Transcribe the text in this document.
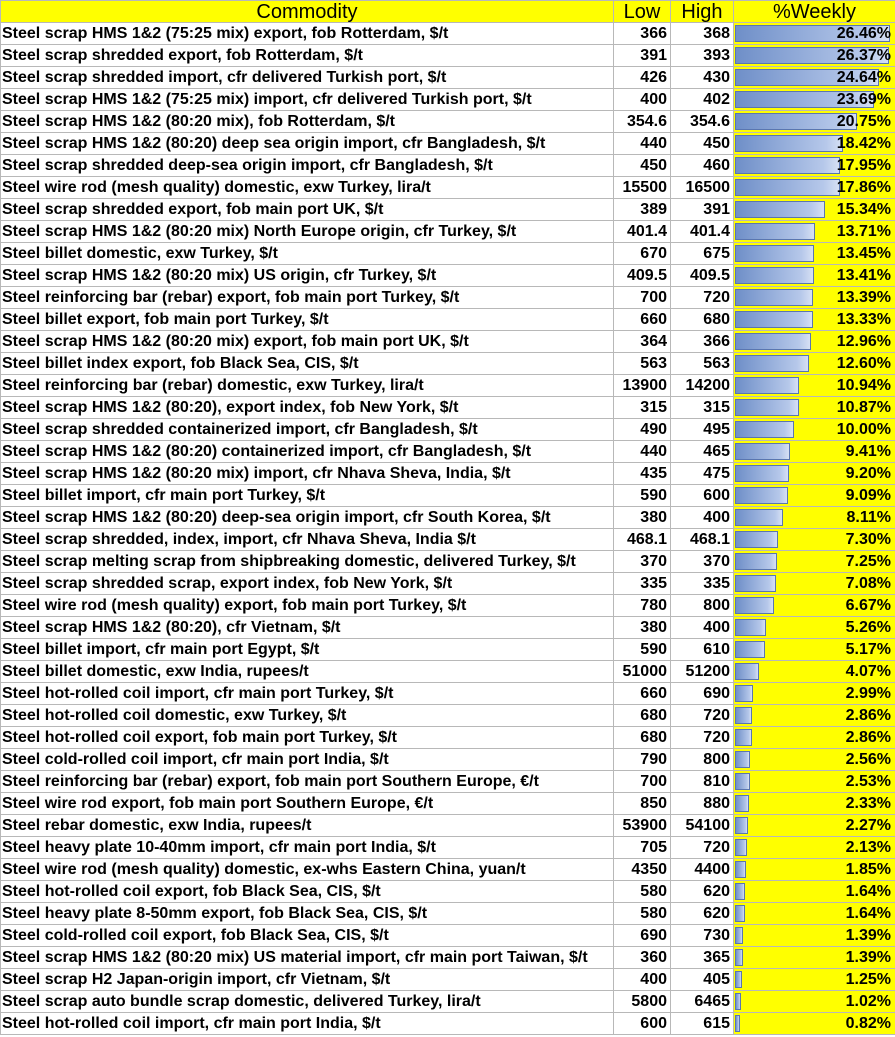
Commodity	Low	High	%Weekly
Steel scrap HMS 1&2 (75:25 mix) export, fob Rotterdam, $/t	366	368	26.46%
Steel scrap shredded export, fob Rotterdam, $/t	391	393	26.37%
Steel scrap shredded import, cfr delivered Turkish port, $/t	426	430	24.64%
Steel scrap HMS 1&2 (75:25 mix) import, cfr delivered Turkish port, $/t	400	402	23.69%
Steel scrap HMS 1&2 (80:20 mix), fob Rotterdam, $/t	354.6	354.6	20.75%
Steel scrap HMS 1&2 (80:20) deep sea origin import, cfr Bangladesh, $/t	440	450	18.42%
Steel scrap shredded deep-sea origin import, cfr Bangladesh, $/t	450	460	17.95%
Steel wire rod (mesh quality) domestic, exw Turkey, lira/t	15500	16500	17.86%
Steel scrap shredded export, fob main port UK, $/t	389	391	15.34%
Steel scrap HMS 1&2 (80:20 mix) North Europe origin, cfr Turkey, $/t	401.4	401.4	13.71%
Steel billet domestic, exw Turkey, $/t	670	675	13.45%
Steel scrap HMS 1&2 (80:20 mix) US origin, cfr Turkey, $/t	409.5	409.5	13.41%
Steel reinforcing bar (rebar) export, fob main port Turkey, $/t	700	720	13.39%
Steel billet export, fob main port Turkey, $/t	660	680	13.33%
Steel scrap HMS 1&2 (80:20 mix) export, fob main port UK, $/t	364	366	12.96%
Steel billet index export, fob Black Sea, CIS, $/t	563	563	12.60%
Steel reinforcing bar (rebar) domestic, exw Turkey, lira/t	13900	14200	10.94%
Steel scrap HMS 1&2 (80:20), export index, fob New York, $/t	315	315	10.87%
Steel scrap shredded containerized import, cfr Bangladesh, $/t	490	495	10.00%
Steel scrap HMS 1&2 (80:20) containerized import, cfr Bangladesh, $/t	440	465	9.41%
Steel scrap HMS 1&2 (80:20 mix) import, cfr Nhava Sheva, India, $/t	435	475	9.20%
Steel billet import, cfr main port Turkey, $/t	590	600	9.09%
Steel scrap HMS 1&2 (80:20) deep-sea origin import, cfr South Korea, $/t	380	400	8.11%
Steel scrap shredded, index, import, cfr Nhava Sheva, India $/t	468.1	468.1	7.30%
Steel scrap melting scrap from shipbreaking domestic, delivered Turkey, $/t	370	370	7.25%
Steel scrap shredded scrap, export index, fob New York, $/t	335	335	7.08%
Steel wire rod (mesh quality) export, fob main port Turkey, $/t	780	800	6.67%
Steel scrap HMS 1&2 (80:20), cfr Vietnam, $/t	380	400	5.26%
Steel billet import, cfr main port Egypt, $/t	590	610	5.17%
Steel billet domestic, exw India, rupees/t	51000	51200	4.07%
Steel hot-rolled coil import, cfr main port Turkey, $/t	660	690	2.99%
Steel hot-rolled coil domestic, exw Turkey, $/t	680	720	2.86%
Steel hot-rolled coil export, fob main port Turkey, $/t	680	720	2.86%
Steel cold-rolled coil import, cfr main port India, $/t	790	800	2.56%
Steel reinforcing bar (rebar) export, fob main port Southern Europe, €/t	700	810	2.53%
Steel wire rod export, fob main port Southern Europe, €/t	850	880	2.33%
Steel rebar domestic, exw India, rupees/t	53900	54100	2.27%
Steel heavy plate 10-40mm import, cfr main port India, $/t	705	720	2.13%
Steel wire rod (mesh quality) domestic, ex-whs Eastern China, yuan/t	4350	4400	1.85%
Steel hot-rolled coil export, fob Black Sea, CIS, $/t	580	620	1.64%
Steel heavy plate 8-50mm export, fob Black Sea, CIS, $/t	580	620	1.64%
Steel cold-rolled coil export, fob Black Sea, CIS, $/t	690	730	1.39%
Steel scrap HMS 1&2 (80:20 mix) US material import, cfr main port Taiwan, $/t	360	365	1.39%
Steel scrap H2 Japan-origin import, cfr Vietnam, $/t	400	405	1.25%
Steel scrap auto bundle scrap domestic, delivered Turkey, lira/t	5800	6465	1.02%
Steel hot-rolled coil import, cfr main port India, $/t	600	615	0.82%
